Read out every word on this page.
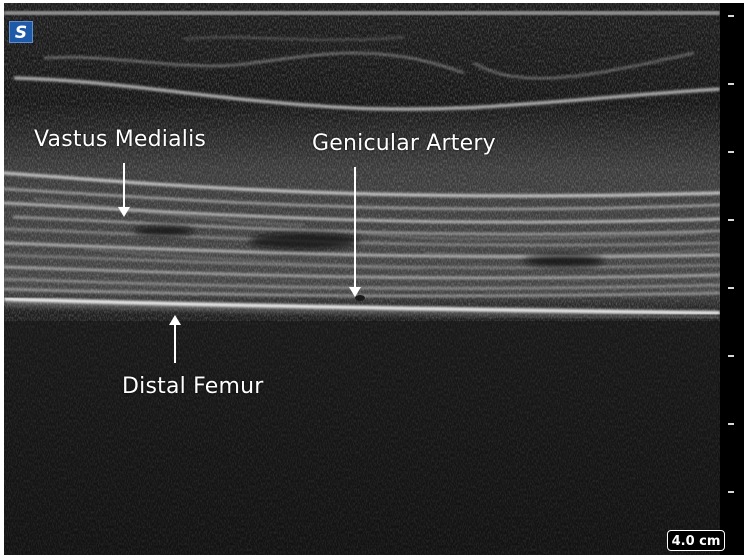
S
Vastus Medialis	Genicular Artery
Distal Femur
4.0 cm
